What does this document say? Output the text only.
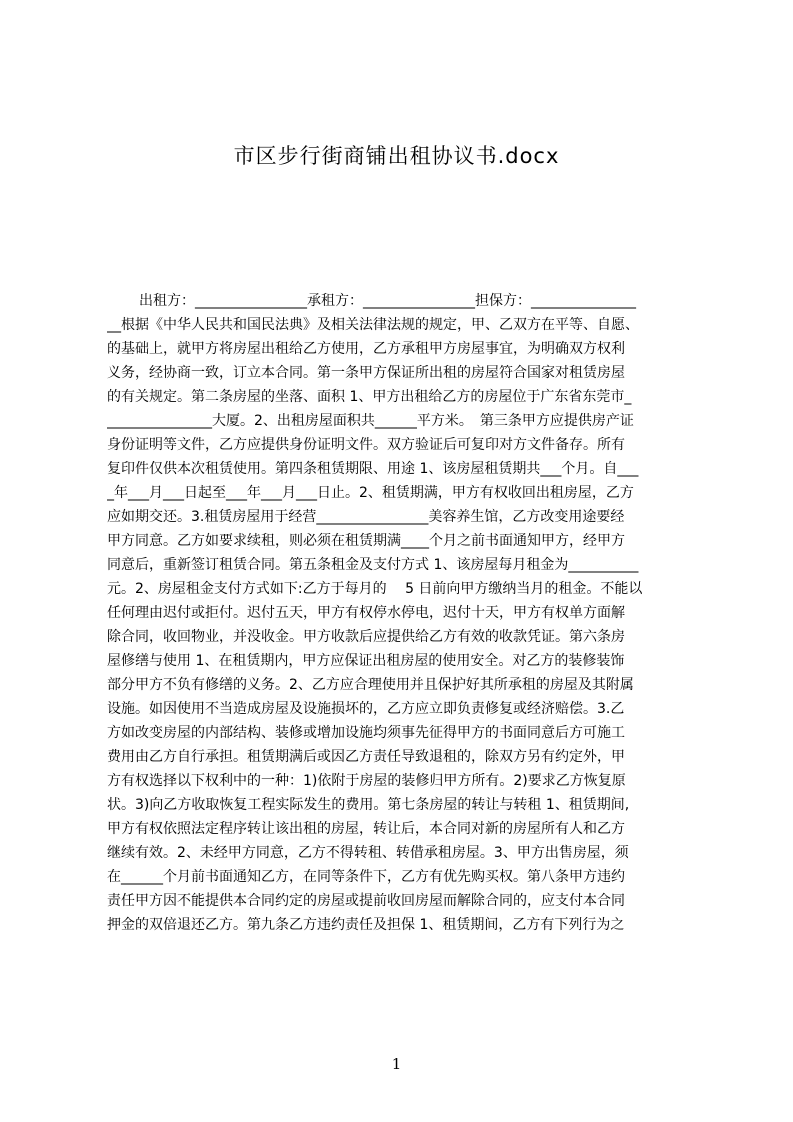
市区步行街商铺出租协议书.docx
出租方：________________承租方：________________担保方：_______________
__根据《中华人民共和国民法典》及相关法律法规的规定，甲、乙双方在平等、自愿、
的基础上，就甲方将房屋出租给乙方使用，乙方承租甲方房屋事宜，为明确双方权利
义务，经协商一致，订立本合同。第一条甲方保证所出租的房屋符合国家对租赁房屋
的有关规定。第二条房屋的坐落、面积 1、甲方出租给乙方的房屋位于广东省东莞市_
_______________大厦。2、出租房屋面积共______平方米。　第三条甲方应提供房产证
身份证明等文件，乙方应提供身份证明文件。双方验证后可复印对方文件备存。所有
复印件仅供本次租赁使用。第四条租赁期限、用途 1、该房屋租赁期共___个月。自___
_年___月___日起至___年___月___日止。2、租赁期满，甲方有权收回出租房屋，乙方
应如期交还。3.租赁房屋用于经营________________美容养生馆，乙方改变用途要经
甲方同意。乙方如要求续租，则必须在租赁期满____个月之前书面通知甲方，经甲方
同意后，重新签订租赁合同。第五条租金及支付方式 1、该房屋每月租金为__________
元。2、房屋租金支付方式如下:乙方于每月的　 5 日前向甲方缴纳当月的租金。不能以
任何理由迟付或拒付。迟付五天，甲方有权停水停电，迟付十天，甲方有权单方面解
除合同，收回物业，并没收金。甲方收款后应提供给乙方有效的收款凭证。第六条房
屋修缮与使用 1、在租赁期内，甲方应保证出租房屋的使用安全。对乙方的装修装饰
部分甲方不负有修缮的义务。2、乙方应合理使用并且保护好其所承租的房屋及其附属
设施。如因使用不当造成房屋及设施损坏的，乙方应立即负责修复或经济赔偿。3.乙
方如改变房屋的内部结构、装修或增加设施均须事先征得甲方的书面同意后方可施工
费用由乙方自行承担。租赁期满后或因乙方责任导致退租的，除双方另有约定外，甲
方有权选择以下权利中的一种：1)依附于房屋的装修归甲方所有。2)要求乙方恢复原
状。3)向乙方收取恢复工程实际发生的费用。第七条房屋的转让与转租 1、租赁期间,
甲方有权依照法定程序转让该出租的房屋，转让后，本合同对新的房屋所有人和乙方
继续有效。2、未经甲方同意，乙方不得转租、转借承租房屋。3、甲方出售房屋，须
在______个月前书面通知乙方，在同等条件下，乙方有优先购买权。第八条甲方违约
责任甲方因不能提供本合同约定的房屋或提前收回房屋而解除合同的，应支付本合同
押金的双倍退还乙方。第九条乙方违约责任及担保 1、租赁期间，乙方有下列行为之
1
